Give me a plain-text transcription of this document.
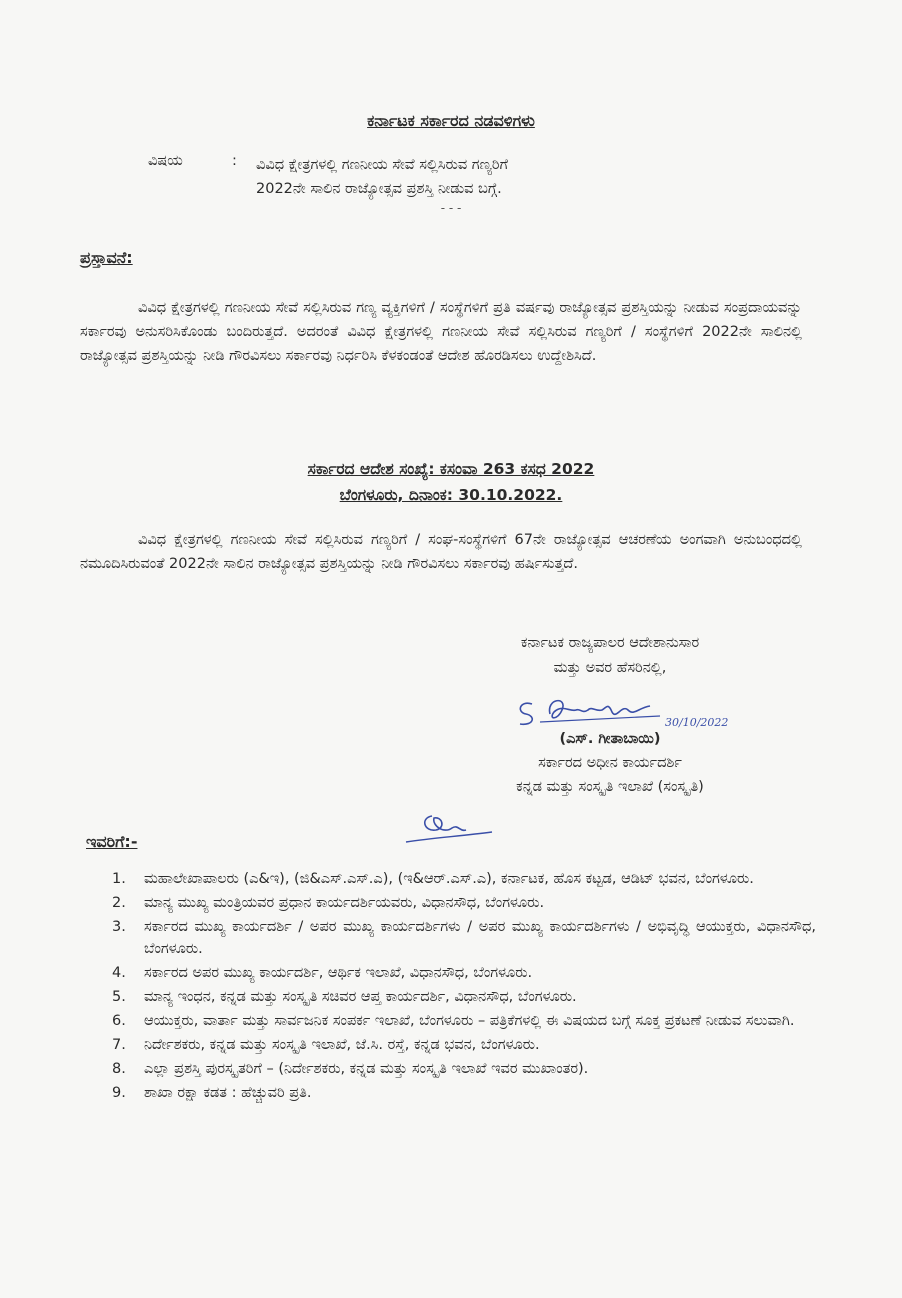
ಕರ್ನಾಟಕ ಸರ್ಕಾರದ ನಡವಳಿಗಳು
ವಿಷಯ	: ವಿವಿಧ ಕ್ಷೇತ್ರಗಳಲ್ಲಿ ಗಣನೀಯ ಸೇವೆ ಸಲ್ಲಿಸಿರುವ ಗಣ್ಯರಿಗೆ
2022ನೇ ಸಾಲಿನ ರಾಜ್ಯೋತ್ಸವ ಪ್ರಶಸ್ತಿ ನೀಡುವ ಬಗ್ಗೆ.
- - -
ಪ್ರಸ್ತಾವನೆ:
ವಿವಿಧ ಕ್ಷೇತ್ರಗಳಲ್ಲಿ ಗಣನೀಯ ಸೇವೆ ಸಲ್ಲಿಸಿರುವ ಗಣ್ಯ ವ್ಯಕ್ತಿಗಳಿಗೆ / ಸಂಸ್ಥೆಗಳಿಗೆ ಪ್ರತಿ ವರ್ಷವು ರಾಜ್ಯೋತ್ಸವ ಪ್ರಶಸ್ತಿಯನ್ನು ನೀಡುವ ಸಂಪ್ರದಾಯವನ್ನು ಸರ್ಕಾರವು ಅನುಸರಿಸಿಕೊಂಡು ಬಂದಿರುತ್ತದೆ. ಅದರಂತೆ ವಿವಿಧ ಕ್ಷೇತ್ರಗಳಲ್ಲಿ ಗಣನೀಯ ಸೇವೆ ಸಲ್ಲಿಸಿರುವ ಗಣ್ಯರಿಗೆ / ಸಂಸ್ಥೆಗಳಿಗೆ 2022ನೇ ಸಾಲಿನಲ್ಲಿ ರಾಜ್ಯೋತ್ಸವ ಪ್ರಶಸ್ತಿಯನ್ನು ನೀಡಿ ಗೌರವಿಸಲು ಸರ್ಕಾರವು ನಿರ್ಧರಿಸಿ ಕೆಳಕಂಡಂತೆ ಆದೇಶ ಹೊರಡಿಸಲು ಉದ್ದೇಶಿಸಿದೆ.
ಸರ್ಕಾರದ ಆದೇಶ ಸಂಖ್ಯೆ: ಕಸಂವಾ 263 ಕಸಧ 2022
ಬೆಂಗಳೂರು, ದಿನಾಂಕ: 30.10.2022.
ವಿವಿಧ ಕ್ಷೇತ್ರಗಳಲ್ಲಿ ಗಣನೀಯ ಸೇವೆ ಸಲ್ಲಿಸಿರುವ ಗಣ್ಯರಿಗೆ / ಸಂಘ-ಸಂಸ್ಥೆಗಳಿಗೆ 67ನೇ ರಾಜ್ಯೋತ್ಸವ ಆಚರಣೆಯ ಅಂಗವಾಗಿ ಅನುಬಂಧದಲ್ಲಿ ನಮೂದಿಸಿರುವಂತೆ 2022ನೇ ಸಾಲಿನ ರಾಜ್ಯೋತ್ಸವ ಪ್ರಶಸ್ತಿಯನ್ನು ನೀಡಿ ಗೌರವಿಸಲು ಸರ್ಕಾರವು ಹರ್ಷಿಸುತ್ತದೆ.
ಕರ್ನಾಟಕ ರಾಜ್ಯಪಾಲರ ಆದೇಶಾನುಸಾರ
ಮತ್ತು ಅವರ ಹೆಸರಿನಲ್ಲಿ,
30/10/2022
(ಎಸ್. ಗೀತಾಬಾಯಿ)
ಸರ್ಕಾರದ ಅಧೀನ ಕಾರ್ಯದರ್ಶಿ
ಕನ್ನಡ ಮತ್ತು ಸಂಸ್ಕೃತಿ ಇಲಾಖೆ (ಸಂಸ್ಕೃತಿ)
ಇವರಿಗೆ:-
1. ಮಹಾಲೇಖಾಪಾಲರು (ಎ&ಇ), (ಜಿ&ಎಸ್.ಎಸ್.ಎ), (ಇ&ಆರ್.ಎಸ್.ಎ), ಕರ್ನಾಟಕ, ಹೊಸ ಕಟ್ಟಡ, ಆಡಿಟ್ ಭವನ, ಬೆಂಗಳೂರು.
2. ಮಾನ್ಯ ಮುಖ್ಯ ಮಂತ್ರಿಯವರ ಪ್ರಧಾನ ಕಾರ್ಯದರ್ಶಿಯವರು, ವಿಧಾನಸೌಧ, ಬೆಂಗಳೂರು.
3. ಸರ್ಕಾರದ ಮುಖ್ಯ ಕಾರ್ಯದರ್ಶಿ / ಅಪರ ಮುಖ್ಯ ಕಾರ್ಯದರ್ಶಿಗಳು / ಅಪರ ಮುಖ್ಯ ಕಾರ್ಯದರ್ಶಿಗಳು / ಅಭಿವೃದ್ಧಿ ಆಯುಕ್ತರು, ವಿಧಾನಸೌಧ, ಬೆಂಗಳೂರು.
4. ಸರ್ಕಾರದ ಅಪರ ಮುಖ್ಯ ಕಾರ್ಯದರ್ಶಿ, ಆರ್ಥಿಕ ಇಲಾಖೆ, ವಿಧಾನಸೌಧ, ಬೆಂಗಳೂರು.
5. ಮಾನ್ಯ ಇಂಧನ, ಕನ್ನಡ ಮತ್ತು ಸಂಸ್ಕೃತಿ ಸಚಿವರ ಆಪ್ತ ಕಾರ್ಯದರ್ಶಿ, ವಿಧಾನಸೌಧ, ಬೆಂಗಳೂರು.
6. ಆಯುಕ್ತರು, ವಾರ್ತಾ ಮತ್ತು ಸಾರ್ವಜನಿಕ ಸಂಪರ್ಕ ಇಲಾಖೆ, ಬೆಂಗಳೂರು – ಪತ್ರಿಕೆಗಳಲ್ಲಿ ಈ ವಿಷಯದ ಬಗ್ಗೆ ಸೂಕ್ತ ಪ್ರಕಟಣೆ ನೀಡುವ ಸಲುವಾಗಿ.
7. ನಿರ್ದೇಶಕರು, ಕನ್ನಡ ಮತ್ತು ಸಂಸ್ಕೃತಿ ಇಲಾಖೆ, ಜೆ.ಸಿ. ರಸ್ತೆ, ಕನ್ನಡ ಭವನ, ಬೆಂಗಳೂರು.
8. ಎಲ್ಲಾ ಪ್ರಶಸ್ತಿ ಪುರಸ್ಕೃತರಿಗೆ – (ನಿರ್ದೇಶಕರು, ಕನ್ನಡ ಮತ್ತು ಸಂಸ್ಕೃತಿ ಇಲಾಖೆ ಇವರ ಮುಖಾಂತರ).
9. ಶಾಖಾ ರಕ್ಷಾ ಕಡತ : ಹೆಚ್ಚುವರಿ ಪ್ರತಿ.
